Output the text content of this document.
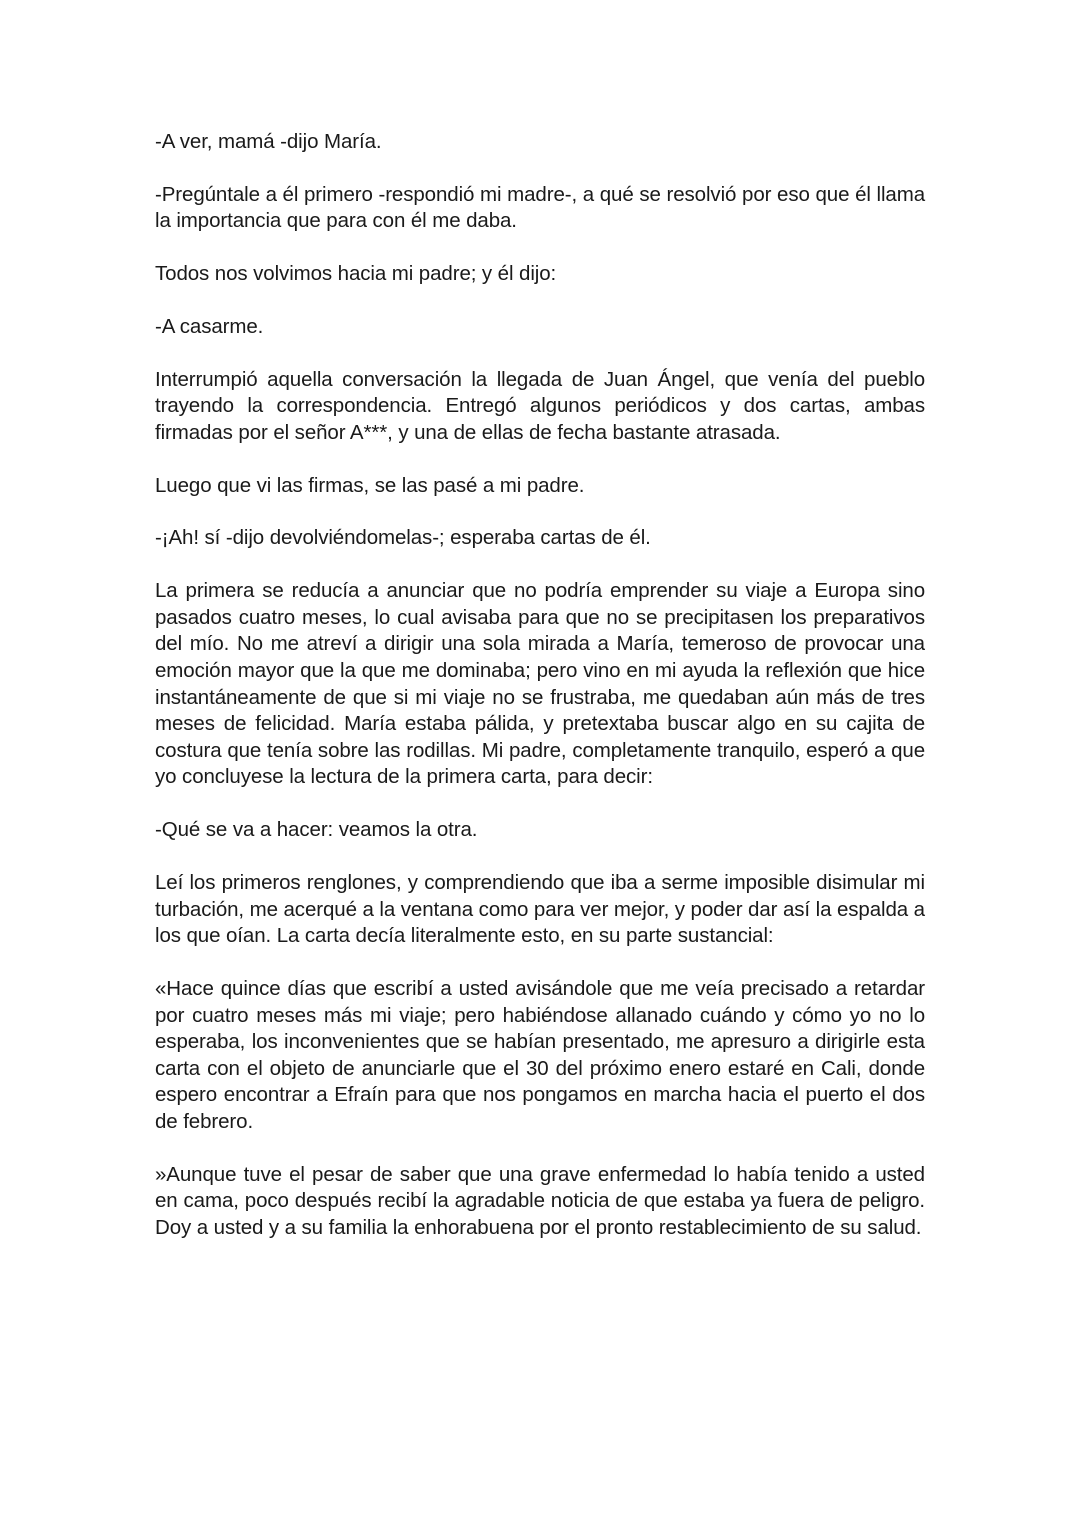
-A ver, mamá -dijo María.

-Pregúntale a él primero -respondió mi madre-, a qué se resolvió por eso que él llama la importancia que para con él me daba.

Todos nos volvimos hacia mi padre; y él dijo:

-A casarme.

Interrumpió aquella conversación la llegada de Juan Ángel, que venía del pueblo trayendo la correspondencia. Entregó algunos periódicos y dos cartas, ambas firmadas por el señor A***, y una de ellas de fecha bastante atrasada.

Luego que vi las firmas, se las pasé a mi padre.

-¡Ah! sí -dijo devolviéndomelas-; esperaba cartas de él.

La primera se reducía a anunciar que no podría emprender su viaje a Europa sino pasados cuatro meses, lo cual avisaba para que no se precipitasen los preparativos del mío. No me atreví a dirigir una sola mirada a María, temeroso de provocar una emoción mayor que la que me dominaba; pero vino en mi ayuda la reflexión que hice instantáneamente de que si mi viaje no se frustraba, me quedaban aún más de tres meses de felicidad. María estaba pálida, y pretextaba buscar algo en su cajita de costura que tenía sobre las rodillas. Mi padre, completamente tranquilo, esperó a que yo concluyese la lectura de la primera carta, para decir:

-Qué se va a hacer: veamos la otra.

Leí los primeros renglones, y comprendiendo que iba a serme imposible disimular mi turbación, me acerqué a la ventana como para ver mejor, y poder dar así la espalda a los que oían. La carta decía literalmente esto, en su parte sustancial:

«Hace quince días que escribí a usted avisándole que me veía precisado a retardar por cuatro meses más mi viaje; pero habiéndose allanado cuándo y cómo yo no lo esperaba, los inconvenientes que se habían presentado, me apresuro a dirigirle esta carta con el objeto de anunciarle que el 30 del próximo enero estaré en Cali, donde espero encontrar a Efraín para que nos pongamos en marcha hacia el puerto el dos de febrero.

»Aunque tuve el pesar de saber que una grave enfermedad lo había tenido a usted en cama, poco después recibí la agradable noticia de que estaba ya fuera de peligro. Doy a usted y a su familia la enhorabuena por el pronto restablecimiento de su salud.
